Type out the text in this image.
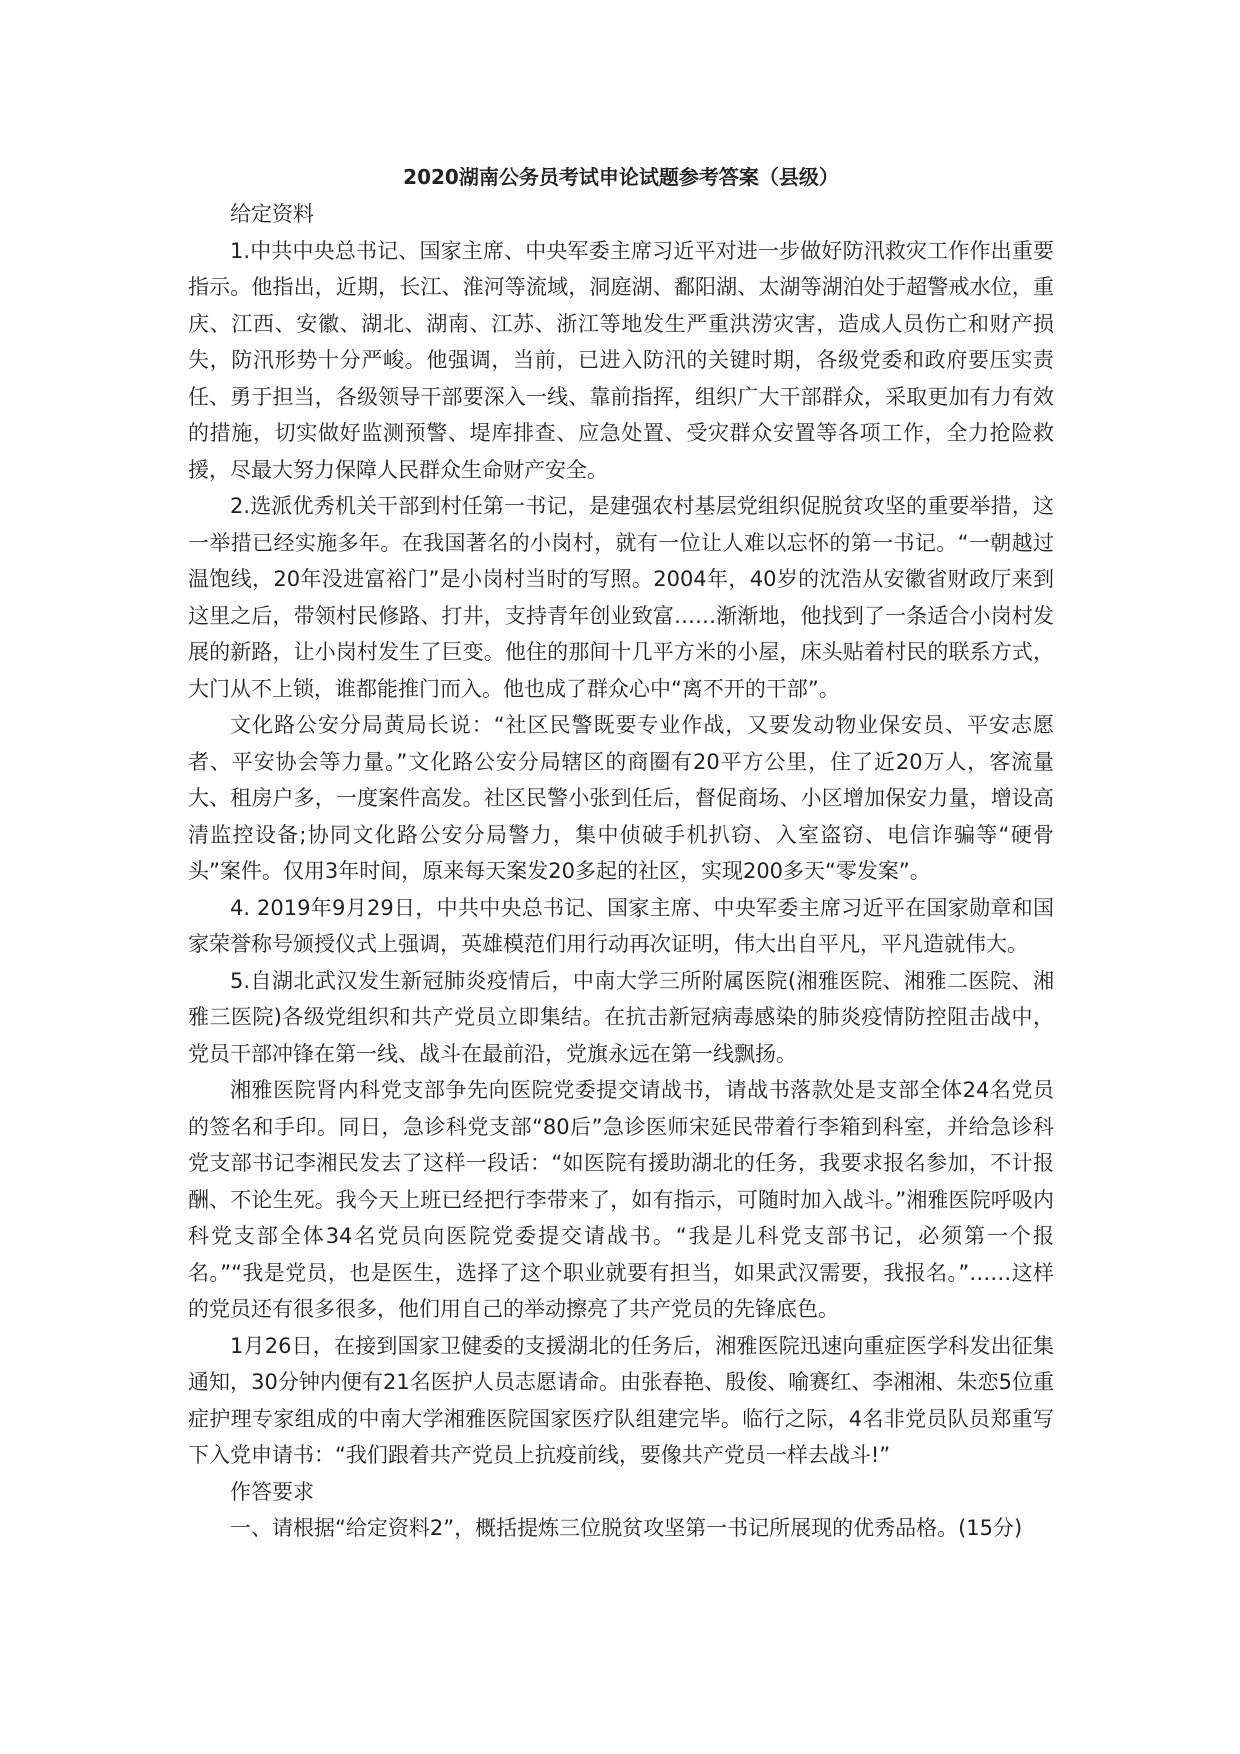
2020湖南公务员考试申论试题参考答案（县级）

给定资料

1.中共中央总书记、国家主席、中央军委主席习近平对进一步做好防汛救灾工作作出重要指示。他指出，近期，长江、淮河等流域，洞庭湖、鄱阳湖、太湖等湖泊处于超警戒水位，重庆、江西、安徽、湖北、湖南、江苏、浙江等地发生严重洪涝灾害，造成人员伤亡和财产损失，防汛形势十分严峻。他强调，当前，已进入防汛的关键时期，各级党委和政府要压实责任、勇于担当，各级领导干部要深入一线、靠前指挥，组织广大干部群众，采取更加有力有效的措施，切实做好监测预警、堤库排查、应急处置、受灾群众安置等各项工作，全力抢险救援，尽最大努力保障人民群众生命财产安全。

2.选派优秀机关干部到村任第一书记，是建强农村基层党组织促脱贫攻坚的重要举措，这一举措已经实施多年。在我国著名的小岗村，就有一位让人难以忘怀的第一书记。“一朝越过温饱线，20年没进富裕门”是小岗村当时的写照。2004年，40岁的沈浩从安徽省财政厅来到这里之后，带领村民修路、打井，支持青年创业致富……渐渐地，他找到了一条适合小岗村发展的新路，让小岗村发生了巨变。他住的那间十几平方米的小屋，床头贴着村民的联系方式，大门从不上锁，谁都能推门而入。他也成了群众心中“离不开的干部”。

文化路公安分局黄局长说：“社区民警既要专业作战，又要发动物业保安员、平安志愿者、平安协会等力量。”文化路公安分局辖区的商圈有20平方公里，住了近20万人，客流量大、租房户多，一度案件高发。社区民警小张到任后，督促商场、小区增加保安力量，增设高清监控设备;协同文化路公安分局警力，集中侦破手机扒窃、入室盗窃、电信诈骗等“硬骨头”案件。仅用3年时间，原来每天案发20多起的社区，实现200多天“零发案”。

4. 2019年9月29日，中共中央总书记、国家主席、中央军委主席习近平在国家勋章和国家荣誉称号颁授仪式上强调，英雄模范们用行动再次证明，伟大出自平凡，平凡造就伟大。

5.自湖北武汉发生新冠肺炎疫情后，中南大学三所附属医院(湘雅医院、湘雅二医院、湘雅三医院)各级党组织和共产党员立即集结。在抗击新冠病毒感染的肺炎疫情防控阻击战中，党员干部冲锋在第一线、战斗在最前沿，党旗永远在第一线飘扬。

湘雅医院肾内科党支部争先向医院党委提交请战书，请战书落款处是支部全体24名党员的签名和手印。同日，急诊科党支部“80后”急诊医师宋延民带着行李箱到科室，并给急诊科党支部书记李湘民发去了这样一段话：“如医院有援助湖北的任务，我要求报名参加，不计报酬、不论生死。我今天上班已经把行李带来了，如有指示，可随时加入战斗。”湘雅医院呼吸内科党支部全体34名党员向医院党委提交请战书。“我是儿科党支部书记，必须第一个报名。”“我是党员，也是医生，选择了这个职业就要有担当，如果武汉需要，我报名。”……这样的党员还有很多很多，他们用自己的举动擦亮了共产党员的先锋底色。

1月26日，在接到国家卫健委的支援湖北的任务后，湘雅医院迅速向重症医学科发出征集通知，30分钟内便有21名医护人员志愿请命。由张春艳、殷俊、喻赛红、李湘湘、朱恋5位重症护理专家组成的中南大学湘雅医院国家医疗队组建完毕。临行之际，4名非党员队员郑重写下入党申请书：“我们跟着共产党员上抗疫前线，要像共产党员一样去战斗!”

作答要求

一、请根据“给定资料2”，概括提炼三位脱贫攻坚第一书记所展现的优秀品格。(15分)
